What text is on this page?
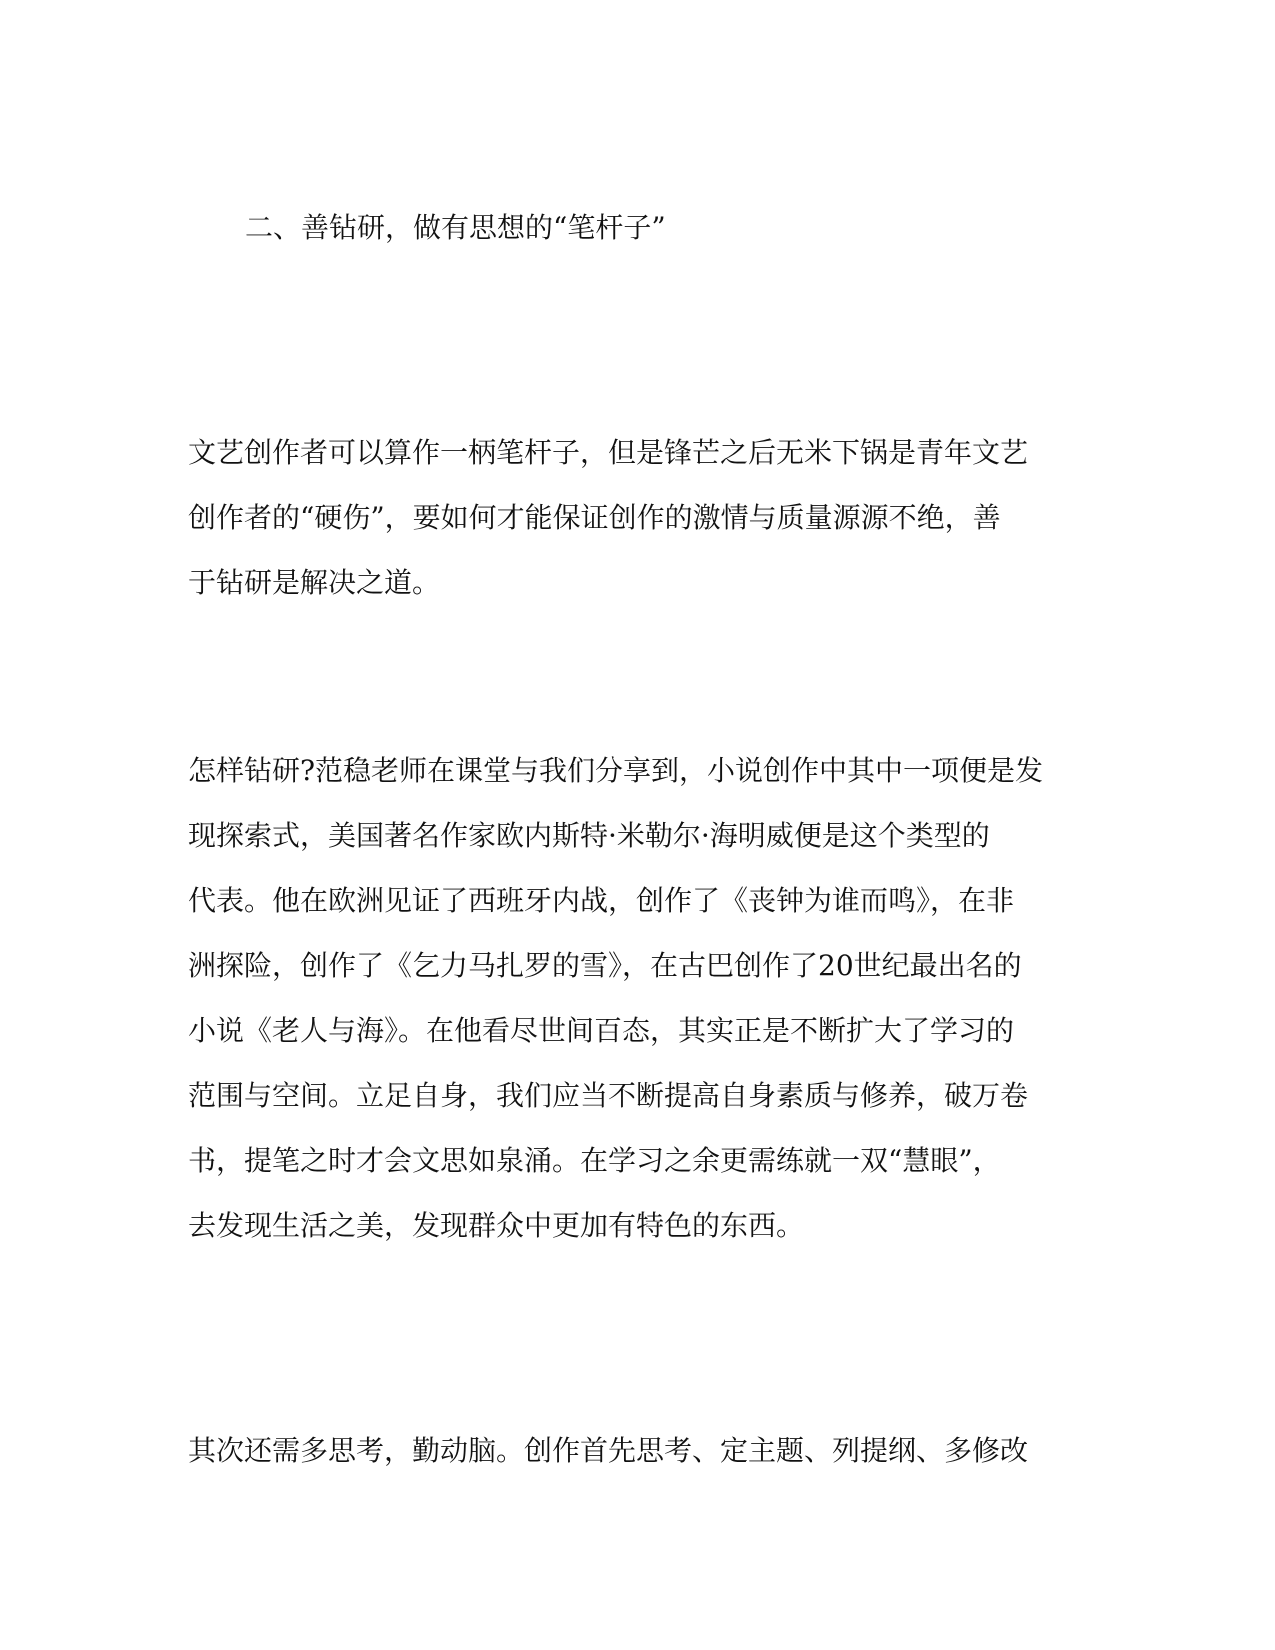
二、善钻研，做有思想的“笔杆子”
文艺创作者可以算作一柄笔杆子，但是锋芒之后无米下锅是青年文艺
创作者的“硬伤”，要如何才能保证创作的激情与质量源源不绝，善
于钻研是解决之道。
怎样钻研?范稳老师在课堂与我们分享到，小说创作中其中一项便是发
现探索式，美国著名作家欧内斯特·米勒尔·海明威便是这个类型的
代表。他在欧洲见证了西班牙内战，创作了《丧钟为谁而鸣》，在非
洲探险，创作了《乞力马扎罗的雪》，在古巴创作了20世纪最出名的
小说《老人与海》。在他看尽世间百态，其实正是不断扩大了学习的
范围与空间。立足自身，我们应当不断提高自身素质与修养，破万卷
书，提笔之时才会文思如泉涌。在学习之余更需练就一双“慧眼”，
去发现生活之美，发现群众中更加有特色的东西。
其次还需多思考，勤动脑。创作首先思考、定主题、列提纲、多修改
